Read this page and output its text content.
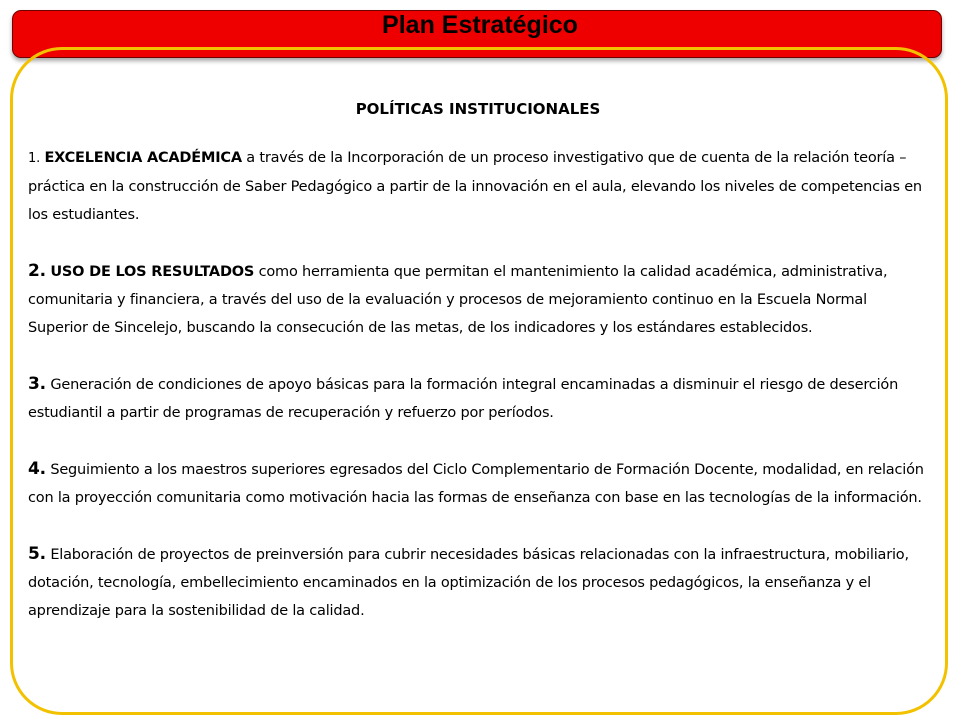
Plan Estratégico
POLÍTICAS INSTITUCIONALES

1. EXCELENCIA ACADÉMICA a través de la Incorporación de un proceso investigativo que de cuenta de la relación teoría – práctica en la construcción de Saber Pedagógico a partir de la innovación en el aula, elevando los niveles de competencias en los estudiantes.

2. USO DE LOS RESULTADOS como herramienta que permitan el mantenimiento la calidad académica, administrativa, comunitaria y financiera, a través del uso de la evaluación y procesos de mejoramiento continuo en la Escuela Normal Superior de Sincelejo, buscando la consecución de las metas, de los indicadores y los estándares establecidos.

3. Generación de condiciones de apoyo básicas para la formación integral encaminadas a disminuir el riesgo de deserción estudiantil a partir de programas de recuperación y refuerzo por períodos.

4. Seguimiento a los maestros superiores egresados del Ciclo Complementario de Formación Docente, modalidad, en relación con la proyección comunitaria como motivación hacia las formas de enseñanza con base en las tecnologías de la información.

5. Elaboración de proyectos de preinversión para cubrir necesidades básicas relacionadas con la infraestructura, mobiliario, dotación, tecnología, embellecimiento encaminados en la optimización de los procesos pedagógicos, la enseñanza y el aprendizaje para la sostenibilidad de la calidad.
